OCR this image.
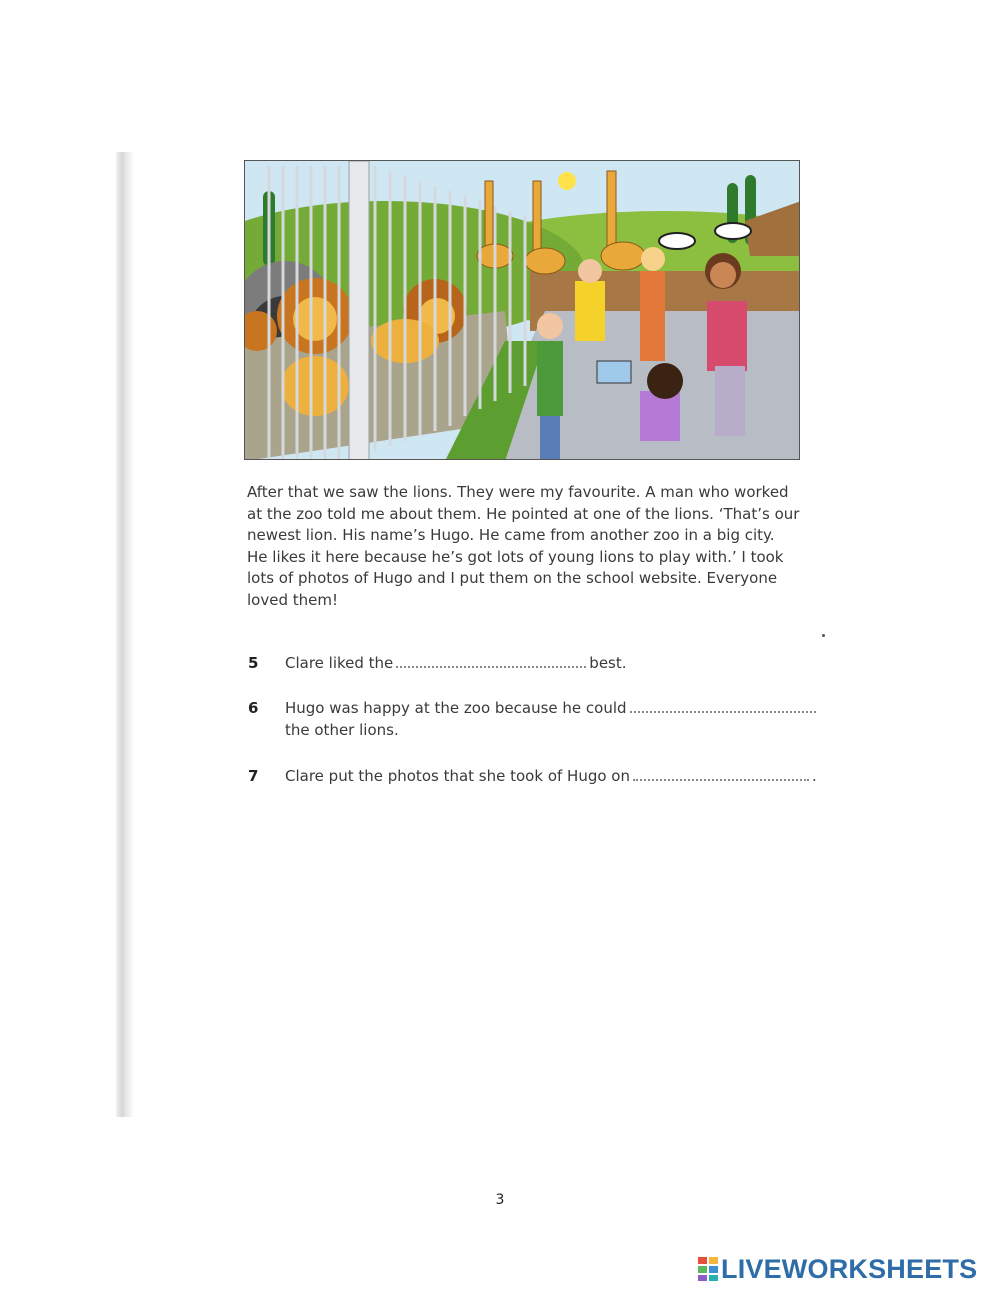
After that we saw the lions. They were my favourite. A man who worked
at the zoo told me about them. He pointed at one of the lions. ‘That’s our
newest lion. His name’s Hugo. He came from another zoo in a big city.
He likes it here because he’s got lots of young lions to play with.’ I took
lots of photos of Hugo and I put them on the school website. Everyone
loved them!
5 Clare liked the	best.
6 Hugo was happy at the zoo because he could
the other lions.
7 Clare put the photos that she took of Hugo on	.
3
LIVEWORKSHEETS
